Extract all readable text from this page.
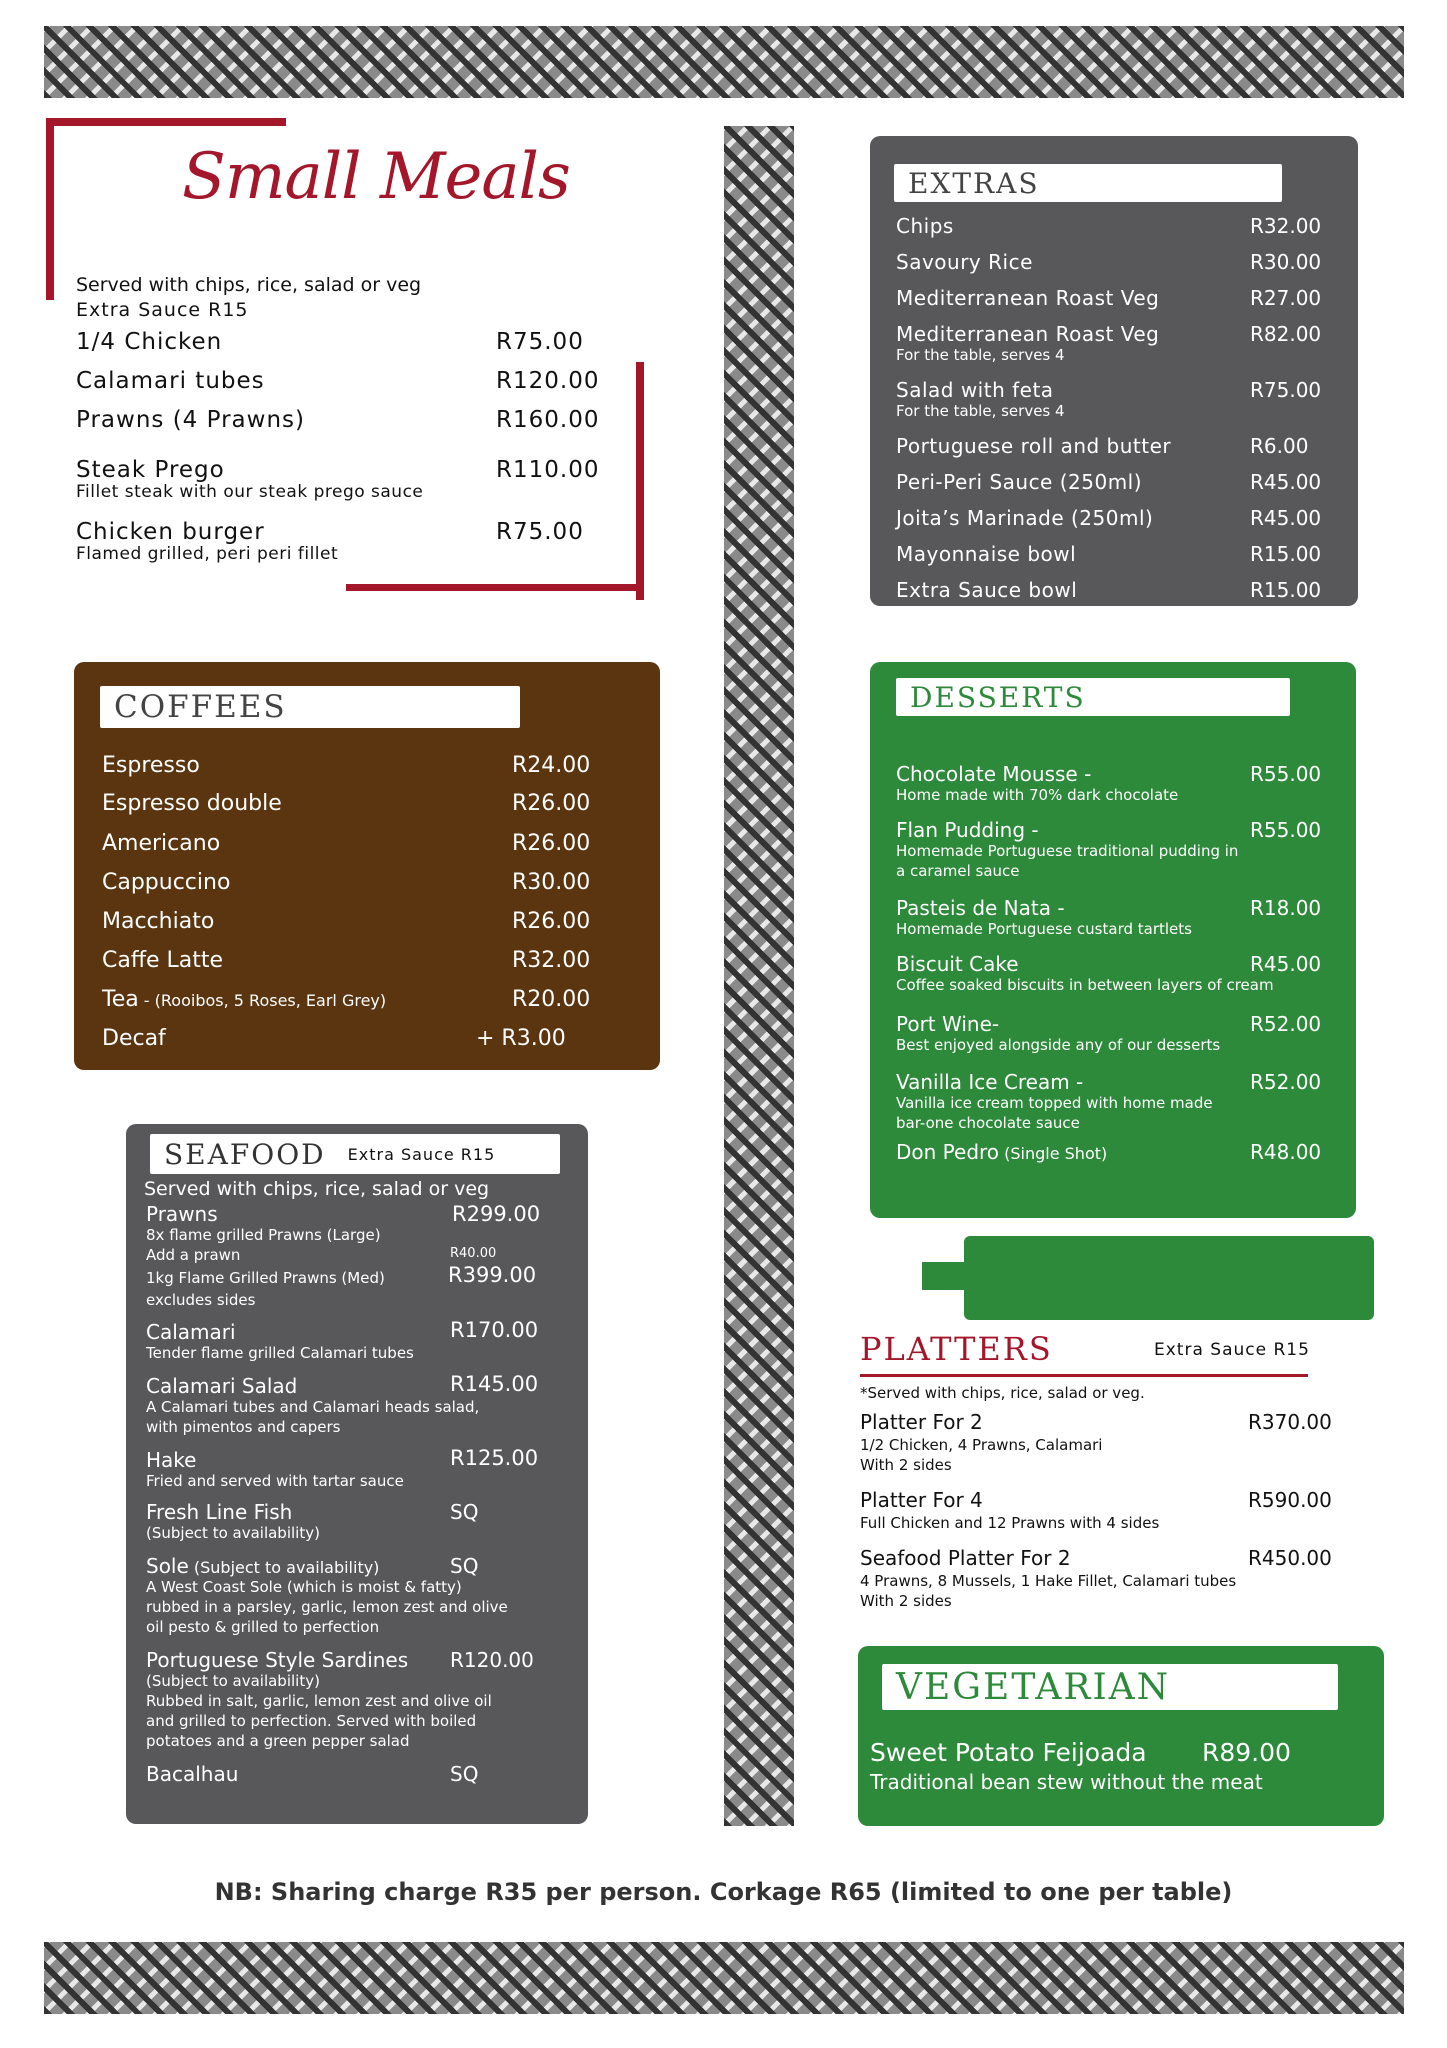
Small Meals
Served with chips, rice, salad or veg
Extra Sauce R15
1/4 Chicken	R75.00
Calamari tubes	R120.00
Prawns (4 Prawns)	R160.00
Steak Prego	R110.00
Fillet steak with our steak prego sauce
Chicken burger	R75.00
Flamed grilled, peri peri fillet
COFFEES
Espresso	R24.00
Espresso double	R26.00
Americano	R26.00
Cappuccino	R30.00
Macchiato	R26.00
Caffe Latte	R32.00
Tea - (Rooibos, 5 Roses, Earl Grey)	R20.00
Decaf	+ R3.00
SEAFOOD Extra Sauce R15
Served with chips, rice, salad or veg
Prawns	R299.00
8x flame grilled Prawns (Large)
Add a prawn	R40.00
1kg Flame Grilled Prawns (Med)	R399.00
excludes sides
Calamari	R170.00
Tender flame grilled Calamari tubes
Calamari Salad	R145.00
A Calamari tubes and Calamari heads salad,
with pimentos and capers
Hake	R125.00
Fried and served with tartar sauce
Fresh Line Fish	SQ
(Subject to availability)
Sole (Subject to availability)	SQ
A West Coast Sole (which is moist & fatty)
rubbed in a parsley, garlic, lemon zest and olive
oil pesto & grilled to perfection
Portuguese Style Sardines R120.00
(Subject to availability)
Rubbed in salt, garlic, lemon zest and olive oil
and grilled to perfection. Served with boiled
potatoes and a green pepper salad
Bacalhau	SQ
EXTRAS
Chips	R32.00
Savoury Rice	R30.00
Mediterranean Roast Veg	R27.00
Mediterranean Roast Veg	R82.00
For the table, serves 4
Salad with feta	R75.00
For the table, serves 4
Portuguese roll and butter	R6.00
Peri-Peri Sauce (250ml)	R45.00
Joita’s Marinade (250ml)	R45.00
Mayonnaise bowl	R15.00
Extra Sauce bowl	R15.00
DESSERTS
Chocolate Mousse -	R55.00
Home made with 70% dark chocolate
Flan Pudding -	R55.00
Homemade Portuguese traditional pudding in
a caramel sauce
Pasteis de Nata -	R18.00
Homemade Portuguese custard tartlets
Biscuit Cake	R45.00
Coffee soaked biscuits in between layers of cream
Port Wine-	R52.00
Best enjoyed alongside any of our desserts
Vanilla Ice Cream -	R52.00
Vanilla ice cream topped with home made
bar-one chocolate sauce
Don Pedro (Single Shot)	R48.00
PLATTERS	Extra Sauce R15
*Served with chips, rice, salad or veg.
Platter For 2	R370.00
1/2 Chicken, 4 Prawns, Calamari
With 2 sides
Platter For 4	R590.00
Full Chicken and 12 Prawns with 4 sides
Seafood Platter For 2	R450.00
4 Prawns, 8 Mussels, 1 Hake Fillet, Calamari tubes
With 2 sides
VEGETARIAN
Sweet Potato Feijoada R89.00
Traditional bean stew without the meat
NB: Sharing charge R35 per person. Corkage R65 (limited to one per table)
